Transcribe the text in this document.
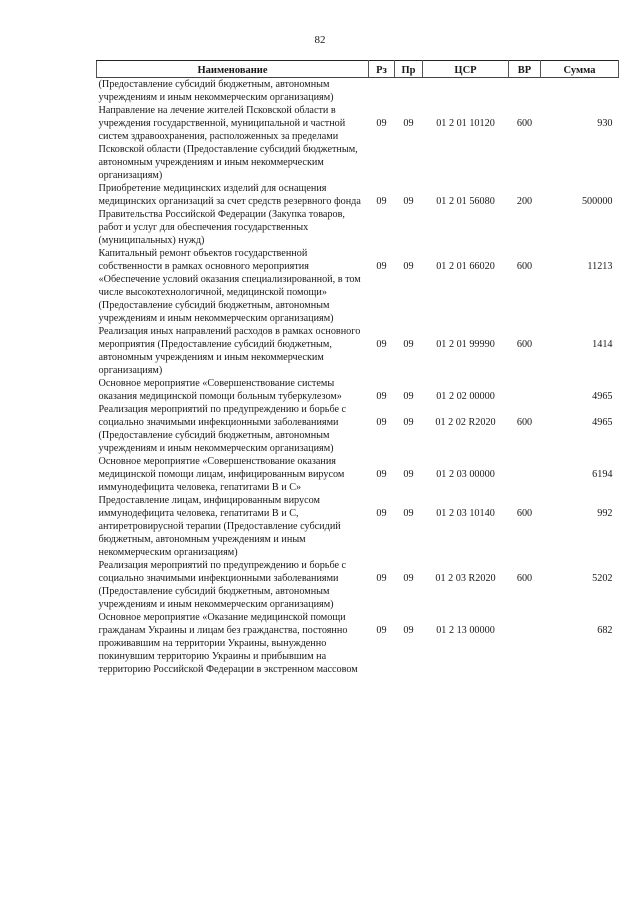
82
Наименование	Рз	Пр	ЦСР	ВР	Сумма
(Предоставление субсидий бюджетным, автономным учреждениям и иным некоммерческим организациям)					
Направление на лечение жителей Псковской области в учреждения государственной, муниципальной и частной систем здравоохранения, расположенных за пределами Псковской области (Предоставление субсидий бюджетным, автономным учреждениям и иным некоммерческим организациям)	09	09	01 2 01 10120	600	930
Приобретение медицинских изделий для оснащения медицинских организаций за счет средств резервного фонда Правительства Российской Федерации (Закупка товаров, работ и услуг для обеспечения государственных (муниципальных) нужд)	09	09	01 2 01 56080	200	500000
Капитальный ремонт объектов государственной собственности в рамках основного мероприятия «Обеспечение условий оказания специализированной, в том числе высокотехнологичной, медицинской помощи» (Предоставление субсидий бюджетным, автономным учреждениям и иным некоммерческим организациям)	09	09	01 2 01 66020	600	11213
Реализация иных направлений расходов в рамках основного мероприятия (Предоставление субсидий бюджетным, автономным учреждениям и иным некоммерческим организациям)	09	09	01 2 01 99990	600	1414
Основное мероприятие «Совершенствование системы оказания медицинской помощи больным туберкулезом»	09	09	01 2 02 00000		4965
Реализация мероприятий по предупреждению и борьбе с социально значимыми инфекционными заболеваниями (Предоставление субсидий бюджетным, автономным учреждениям и иным некоммерческим организациям)	09	09	01 2 02 R2020	600	4965
Основное мероприятие «Совершенствование оказания медицинской помощи лицам, инфицированным вирусом иммунодефицита человека, гепатитами В и С»	09	09	01 2 03 00000		6194
Предоставление лицам, инфицированным вирусом иммунодефицита человека, гепатитами В и С, антиретровирусной терапии (Предоставление субсидий бюджетным, автономным учреждениям и иным некоммерческим организациям)	09	09	01 2 03 10140	600	992
Реализация мероприятий по предупреждению и борьбе с социально значимыми инфекционными заболеваниями (Предоставление субсидий бюджетным, автономным учреждениям и иным некоммерческим организациям)	09	09	01 2 03 R2020	600	5202
Основное мероприятие «Оказание медицинской помощи гражданам Украины и лицам без гражданства, постоянно проживавшим на территории Украины, вынужденно покинувшим территорию Украины и прибывшим на территорию Российской Федерации в экстренном массовом	09	09	01 2 13 00000		682
